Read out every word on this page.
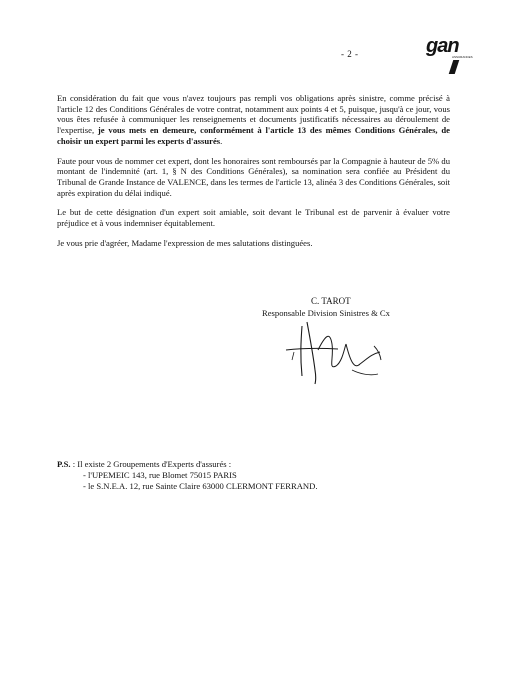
- 2 -	gan
ASSURANCES

En considération du fait que vous n'avez toujours pas rempli vos obligations après sinistre, comme précisé à l'article 12 des Conditions Générales de votre contrat, notamment aux points 4 et 5, puisque, jusqu'à ce jour, vous vous êtes refusée à communiquer les renseignements et documents justificatifs nécessaires au déroulement de l'expertise, je vous mets en demeure, conformément à l'article 13 des mêmes Conditions Générales, de choisir un expert parmi les experts d'assurés.

Faute pour vous de nommer cet expert, dont les honoraires sont remboursés par la Compagnie à hauteur de 5% du montant de l'indemnité (art. 1, § N des Conditions Générales), sa nomination sera confiée au Président du Tribunal de Grande Instance de VALENCE, dans les termes de l'article 13, alinéa 3 des Conditions Générales, soit après expiration du délai indiqué.

Le but de cette désignation d'un expert soit amiable, soit devant le Tribunal est de parvenir à évaluer votre préjudice et à vous indemniser équitablement.

Je vous prie d'agréer, Madame l'expression de mes salutations distinguées.

C. TAROT
Responsable Division Sinistres & Cx
P.S. : Il existe 2 Groupements d'Experts d'assurés :
- l'UPEMEIC 143, rue Blomet 75015 PARIS
- le S.N.E.A. 12, rue Sainte Claire 63000 CLERMONT FERRAND.
